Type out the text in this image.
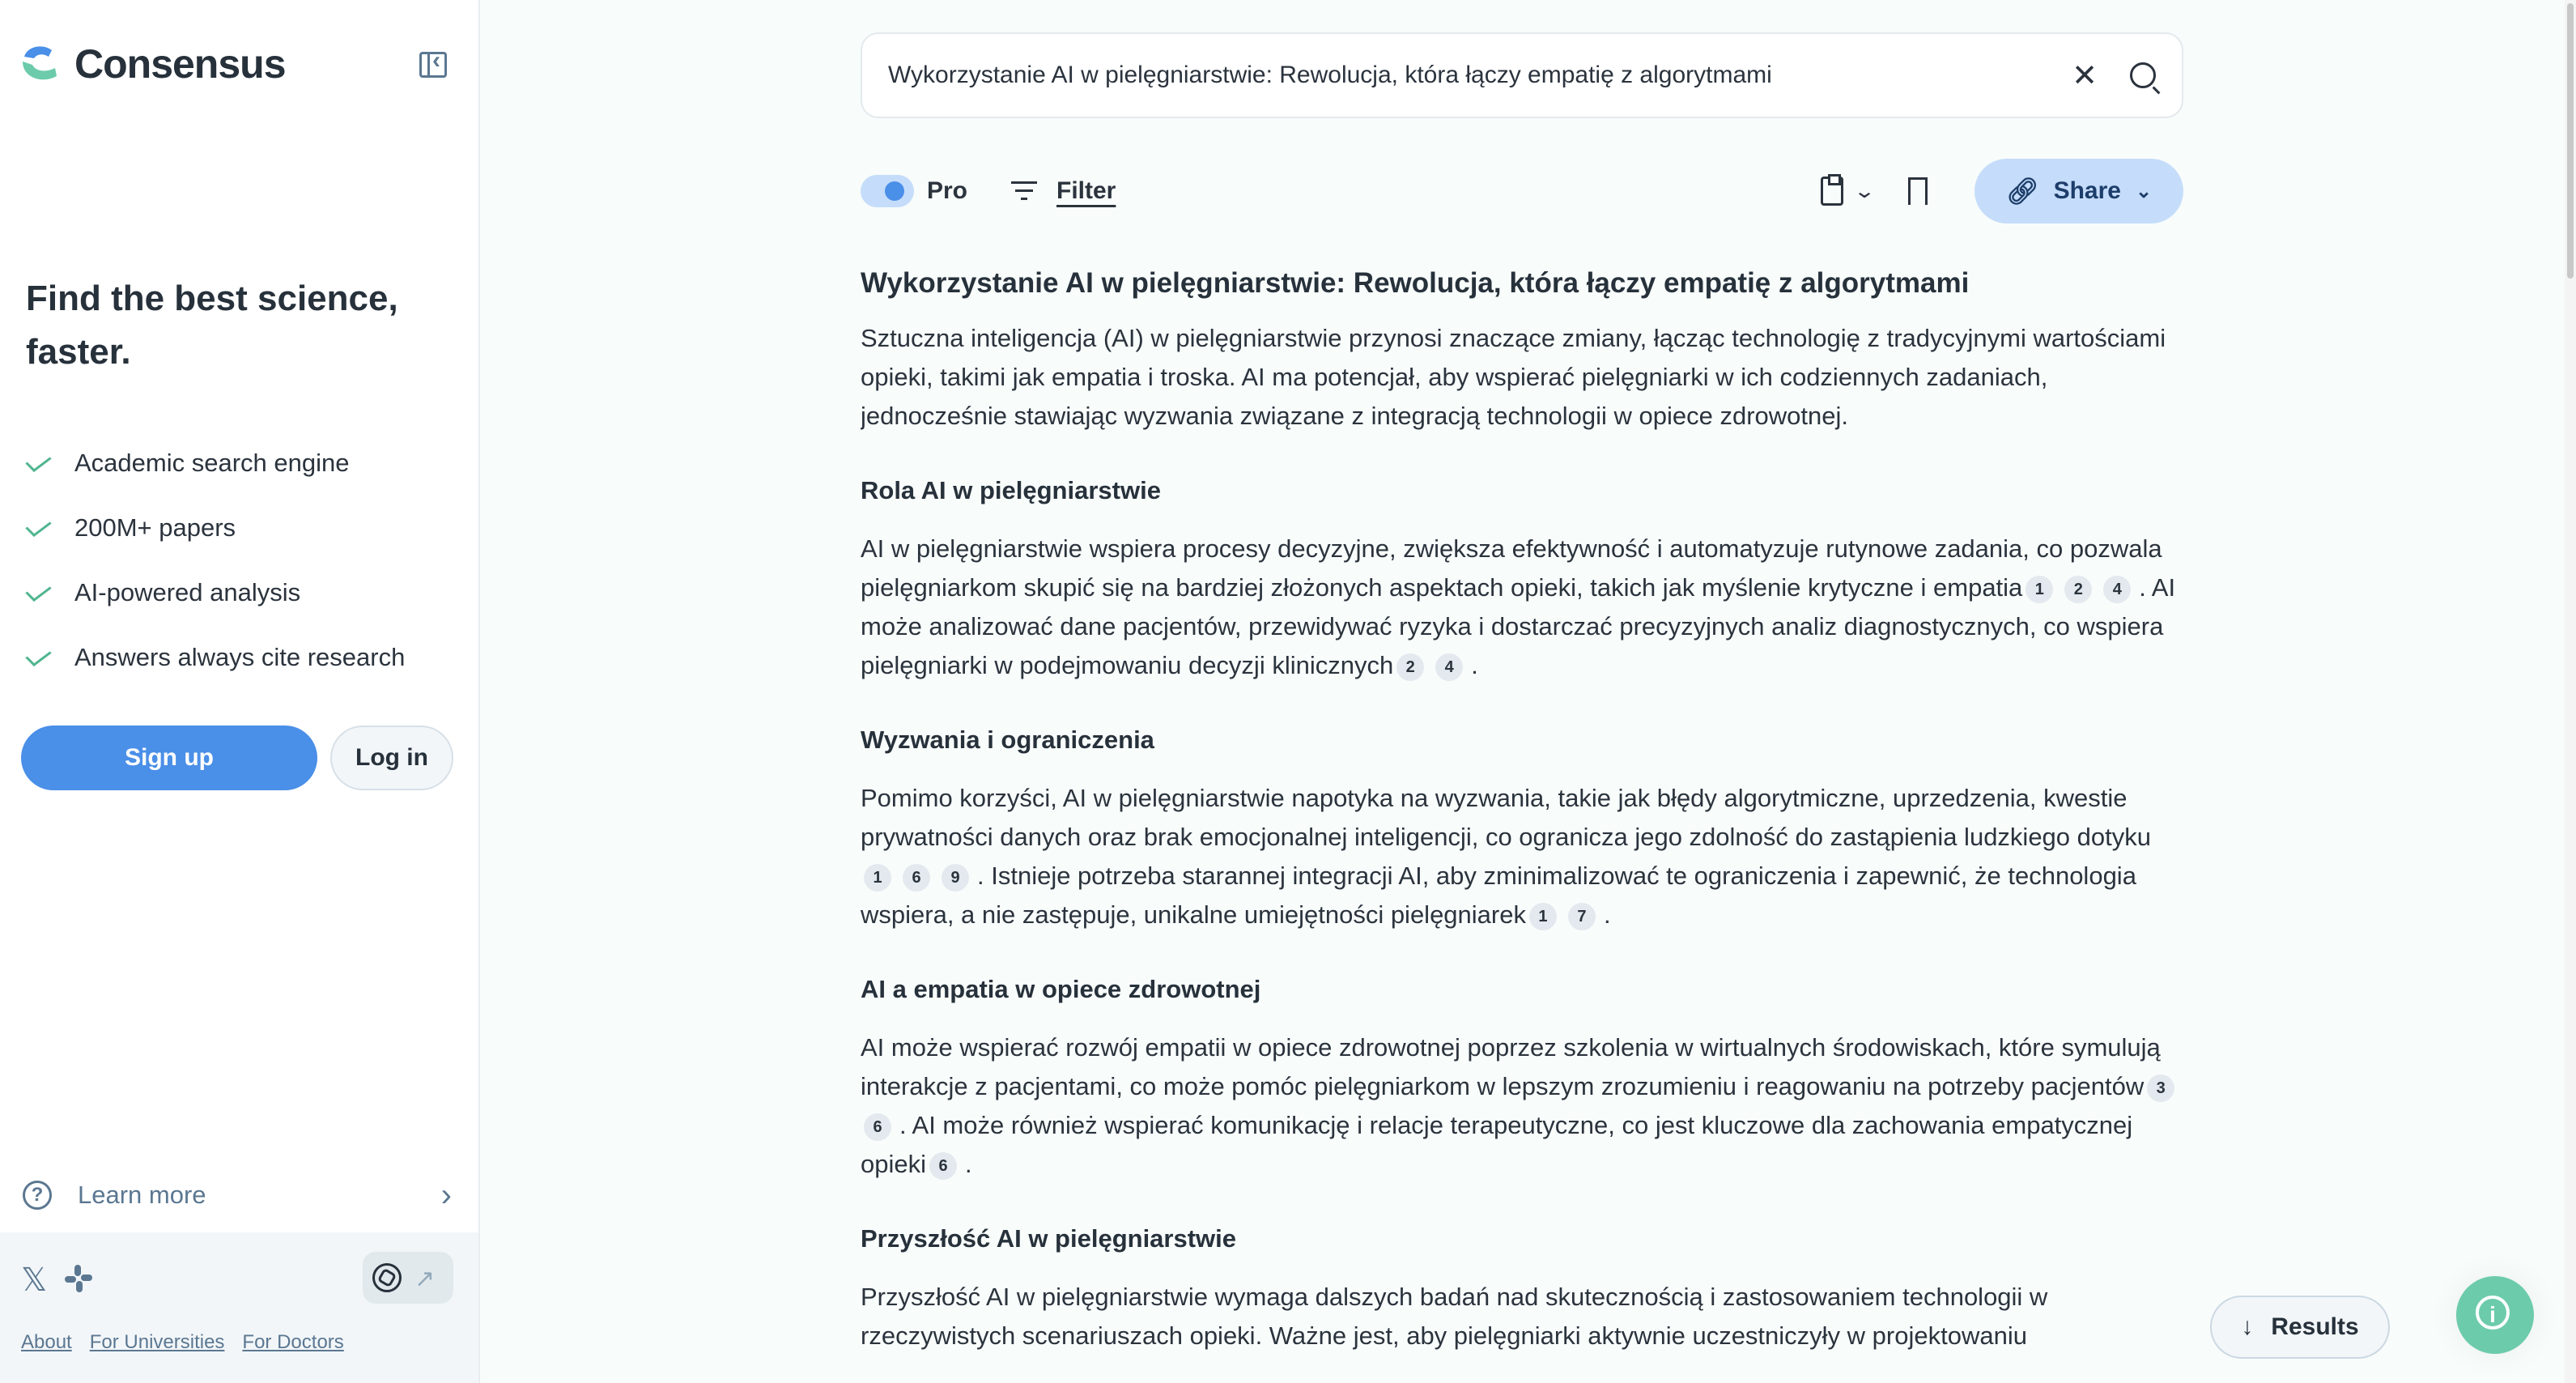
Consensus
‹
Find the best science, faster.
Academic search engine
200M+ papers
AI-powered analysis
Answers always cite research
Sign up	Log in
?	Learn more	›
𝕏	↗
About For Universities For Doctors
Wykorzystanie AI w pielęgniarstwie: Rewolucja, która łączy empatię z algorytmami
✕
Pro	Filter	⌄	🔗︎ Share ⌄
Wykorzystanie AI w pielęgniarstwie: Rewolucja, która łączy empatię z algorytmami

Sztuczna inteligencja (AI) w pielęgniarstwie przynosi znaczące zmiany, łącząc technologię z tradycyjnymi wartościami opieki, takimi jak empatia i troska. AI ma potencjał, aby wspierać pielęgniarki w ich codziennych zadaniach, jednocześnie stawiając wyzwania związane z integracją technologii w opiece zdrowotnej.

Rola AI w pielęgniarstwie

AI w pielęgniarstwie wspiera procesy decyzyjne, zwiększa efektywność i automatyzuje rutynowe zadania, co pozwala pielęgniarkom skupić się na bardziej złożonych aspektach opieki, takich jak myślenie krytyczne i empatia 1 2 4 . AI może analizować dane pacjentów, przewidywać ryzyka i dostarczać precyzyjnych analiz diagnostycznych, co wspiera pielęgniarki w podejmowaniu decyzji klinicznych 2 4 .

Wyzwania i ograniczenia

Pomimo korzyści, AI w pielęgniarstwie napotyka na wyzwania, takie jak błędy algorytmiczne, uprzedzenia, kwestie prywatności danych oraz brak emocjonalnej inteligencji, co ogranicza jego zdolność do zastąpienia ludzkiego dotyku1 6 9 . Istnieje potrzeba starannej integracji AI, aby zminimalizować te ograniczenia i zapewnić, że technologia wspiera, a nie zastępuje, unikalne umiejętności pielęgniarek 1 7 .

AI a empatia w opiece zdrowotnej

AI może wspierać rozwój empatii w opiece zdrowotnej poprzez szkolenia w wirtualnych środowiskach, które symulują interakcje z pacjentami, co może pomóc pielęgniarkom w lepszym zrozumieniu i reagowaniu na potrzeby pacjentów 36 . AI może również wspierać komunikację i relacje terapeutyczne, co jest kluczowe dla zachowania empatycznej opieki 6 .

Przyszłość AI w pielęgniarstwie

Przyszłość AI w pielęgniarstwie wymaga dalszych badań nad skutecznością i zastosowaniem technologii w rzeczywistych scenariuszach opieki. Ważne jest, aby pielęgniarki aktywnie uczestniczyły w projektowaniu	↓ Results
i
